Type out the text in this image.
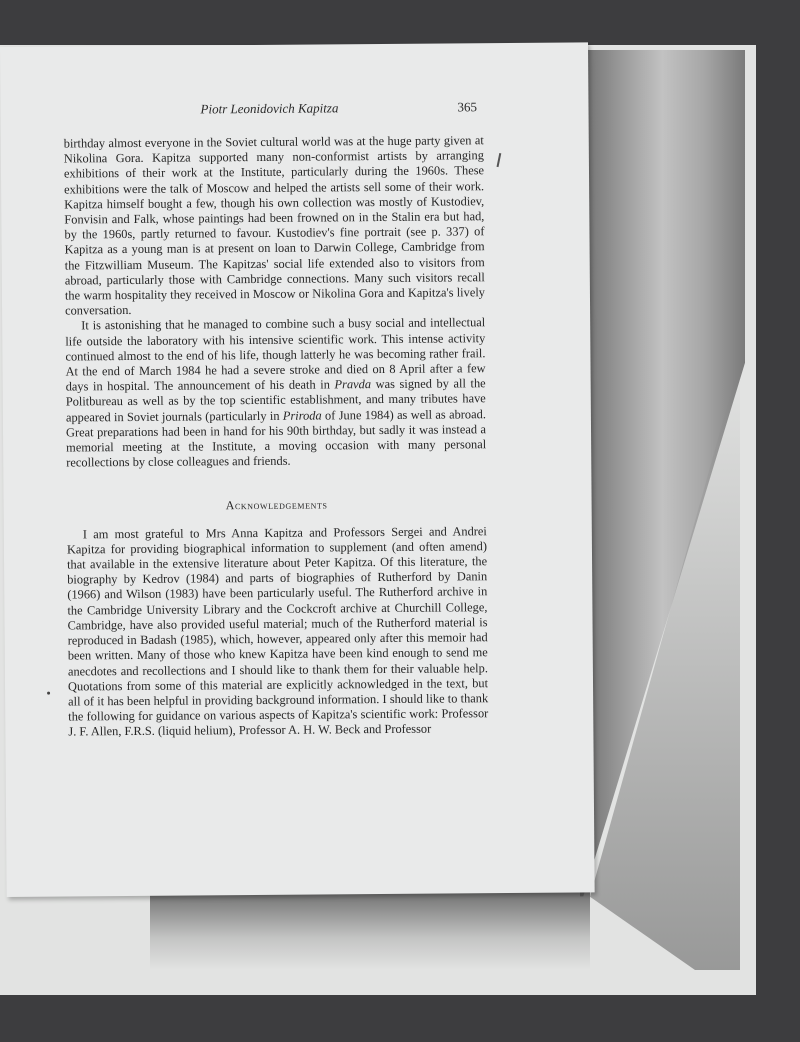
Piotr Leonidovich Kapitza	365

birthday almost everyone in the Soviet cultural world was at the huge party given at Nikolina Gora. Kapitza supported many non-conformist artists by arranging exhibitions of their work at the Institute, particularly during the 1960s. These exhibitions were the talk of Moscow and helped the artists sell some of their work. Kapitza himself bought a few, though his own collection was mostly of Kustodiev, Fonvisin and Falk, whose paintings had been frowned on in the Stalin era but had, by the 1960s, partly returned to favour. Kustodiev's fine portrait (see p. 337) of Kapitza as a young man is at present on loan to Darwin College, Cambridge from the Fitzwilliam Museum. The Kapitzas' social life extended also to visitors from abroad, particularly those with Cambridge connections. Many such visitors recall the warm hospitality they received in Moscow or Nikolina Gora and Kapitza's lively conversation.

It is astonishing that he managed to combine such a busy social and intellectual life outside the laboratory with his intensive scientific work. This intense activity continued almost to the end of his life, though latterly he was becoming rather frail. At the end of March 1984 he had a severe stroke and died on 8 April after a few days in hospital. The announcement of his death in Pravda was signed by all the Politbureau as well as by the top scientific establishment, and many tributes have appeared in Soviet journals (particularly in Priroda of June 1984) as well as abroad. Great preparations had been in hand for his 90th birthday, but sadly it was instead a memorial meeting at the Institute, a moving occasion with many personal recollections by close colleagues and friends.

Acknowledgements

I am most grateful to Mrs Anna Kapitza and Professors Sergei and Andrei Kapitza for providing biographical information to supplement (and often amend) that available in the extensive literature about Peter Kapitza. Of this literature, the biography by Kedrov (1984) and parts of biographies of Rutherford by Danin (1966) and Wilson (1983) have been particularly useful. The Rutherford archive in the Cambridge University Library and the Cockcroft archive at Churchill College, Cambridge, have also provided useful material; much of the Rutherford material is reproduced in Badash (1985), which, however, appeared only after this memoir had been written. Many of those who knew Kapitza have been kind enough to send me anecdotes and recollections and I should like to thank them for their valuable help. Quotations from some of this material are explicitly acknowledged in the text, but all of it has been helpful in providing background information. I should like to thank the following for guidance on various aspects of Kapitza's scientific work: Professor J. F. Allen, F.R.S. (liquid helium), Professor A. H. W. Beck and Professor
